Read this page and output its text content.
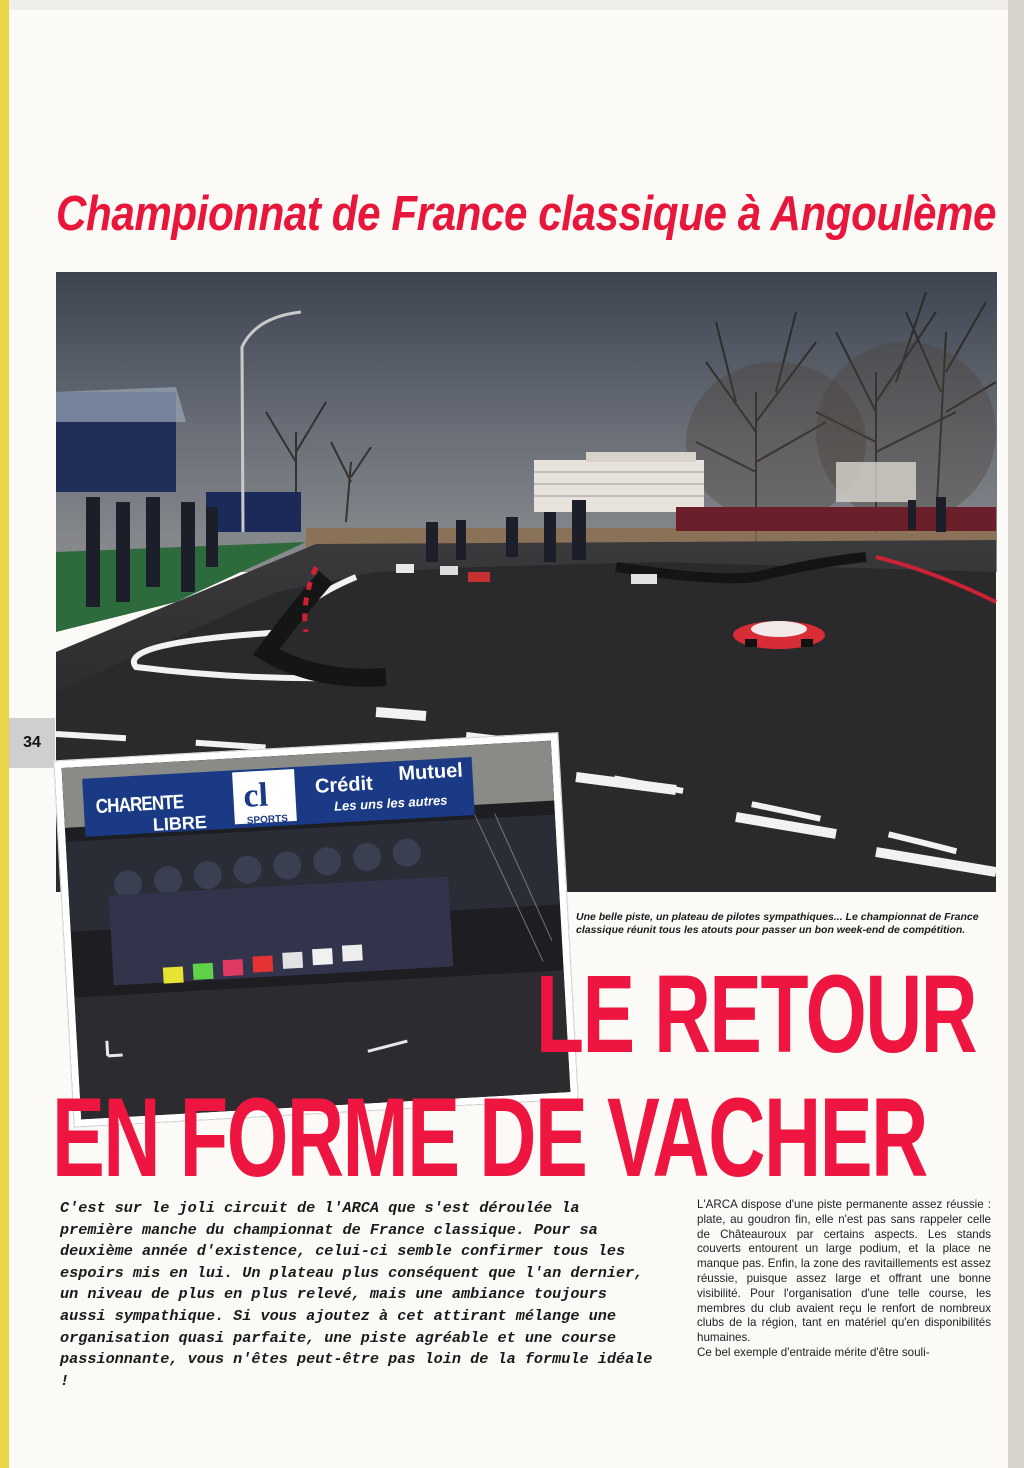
Championnat de France classique à Angoulème
34
CHARENTE
LIBRE
cl
SPORTS
Crédit
Mutuel
Les uns les autres
Une belle piste, un plateau de pilotes sympathiques... Le championnat de France classique réunit tous les atouts pour passer un bon week-end de compétition.
LE RETOUR
EN FORME DE VACHER
C'est sur le joli circuit de l'ARCA que s'est déroulée la première manche du championnat de France classique. Pour sa deuxième année d'existence, celui-ci semble confirmer tous les espoirs mis en lui. Un plateau plus conséquent que l'an dernier, un niveau de plus en plus relevé, mais une ambiance toujours aussi sympathique. Si vous ajoutez à cet attirant mélange une organisation quasi parfaite, une piste agréable et une course passionnante, vous n'êtes peut-être pas loin de la formule idéale !

L'ARCA dispose d'une piste permanente assez réussie : plate, au goudron fin, elle n'est pas sans rappeler celle de Châteauroux par certains aspects. Les stands couverts entourent un large podium, et la place ne manque pas. Enfin, la zone des ravitaillements est assez réussie, puisque assez large et offrant une bonne visibilité. Pour l'organisation d'une telle course, les membres du club avaient reçu le renfort de nombreux clubs de la région, tant en matériel qu'en disponibilités humaines.

Ce bel exemple d'entraide mérite d'être souli-
